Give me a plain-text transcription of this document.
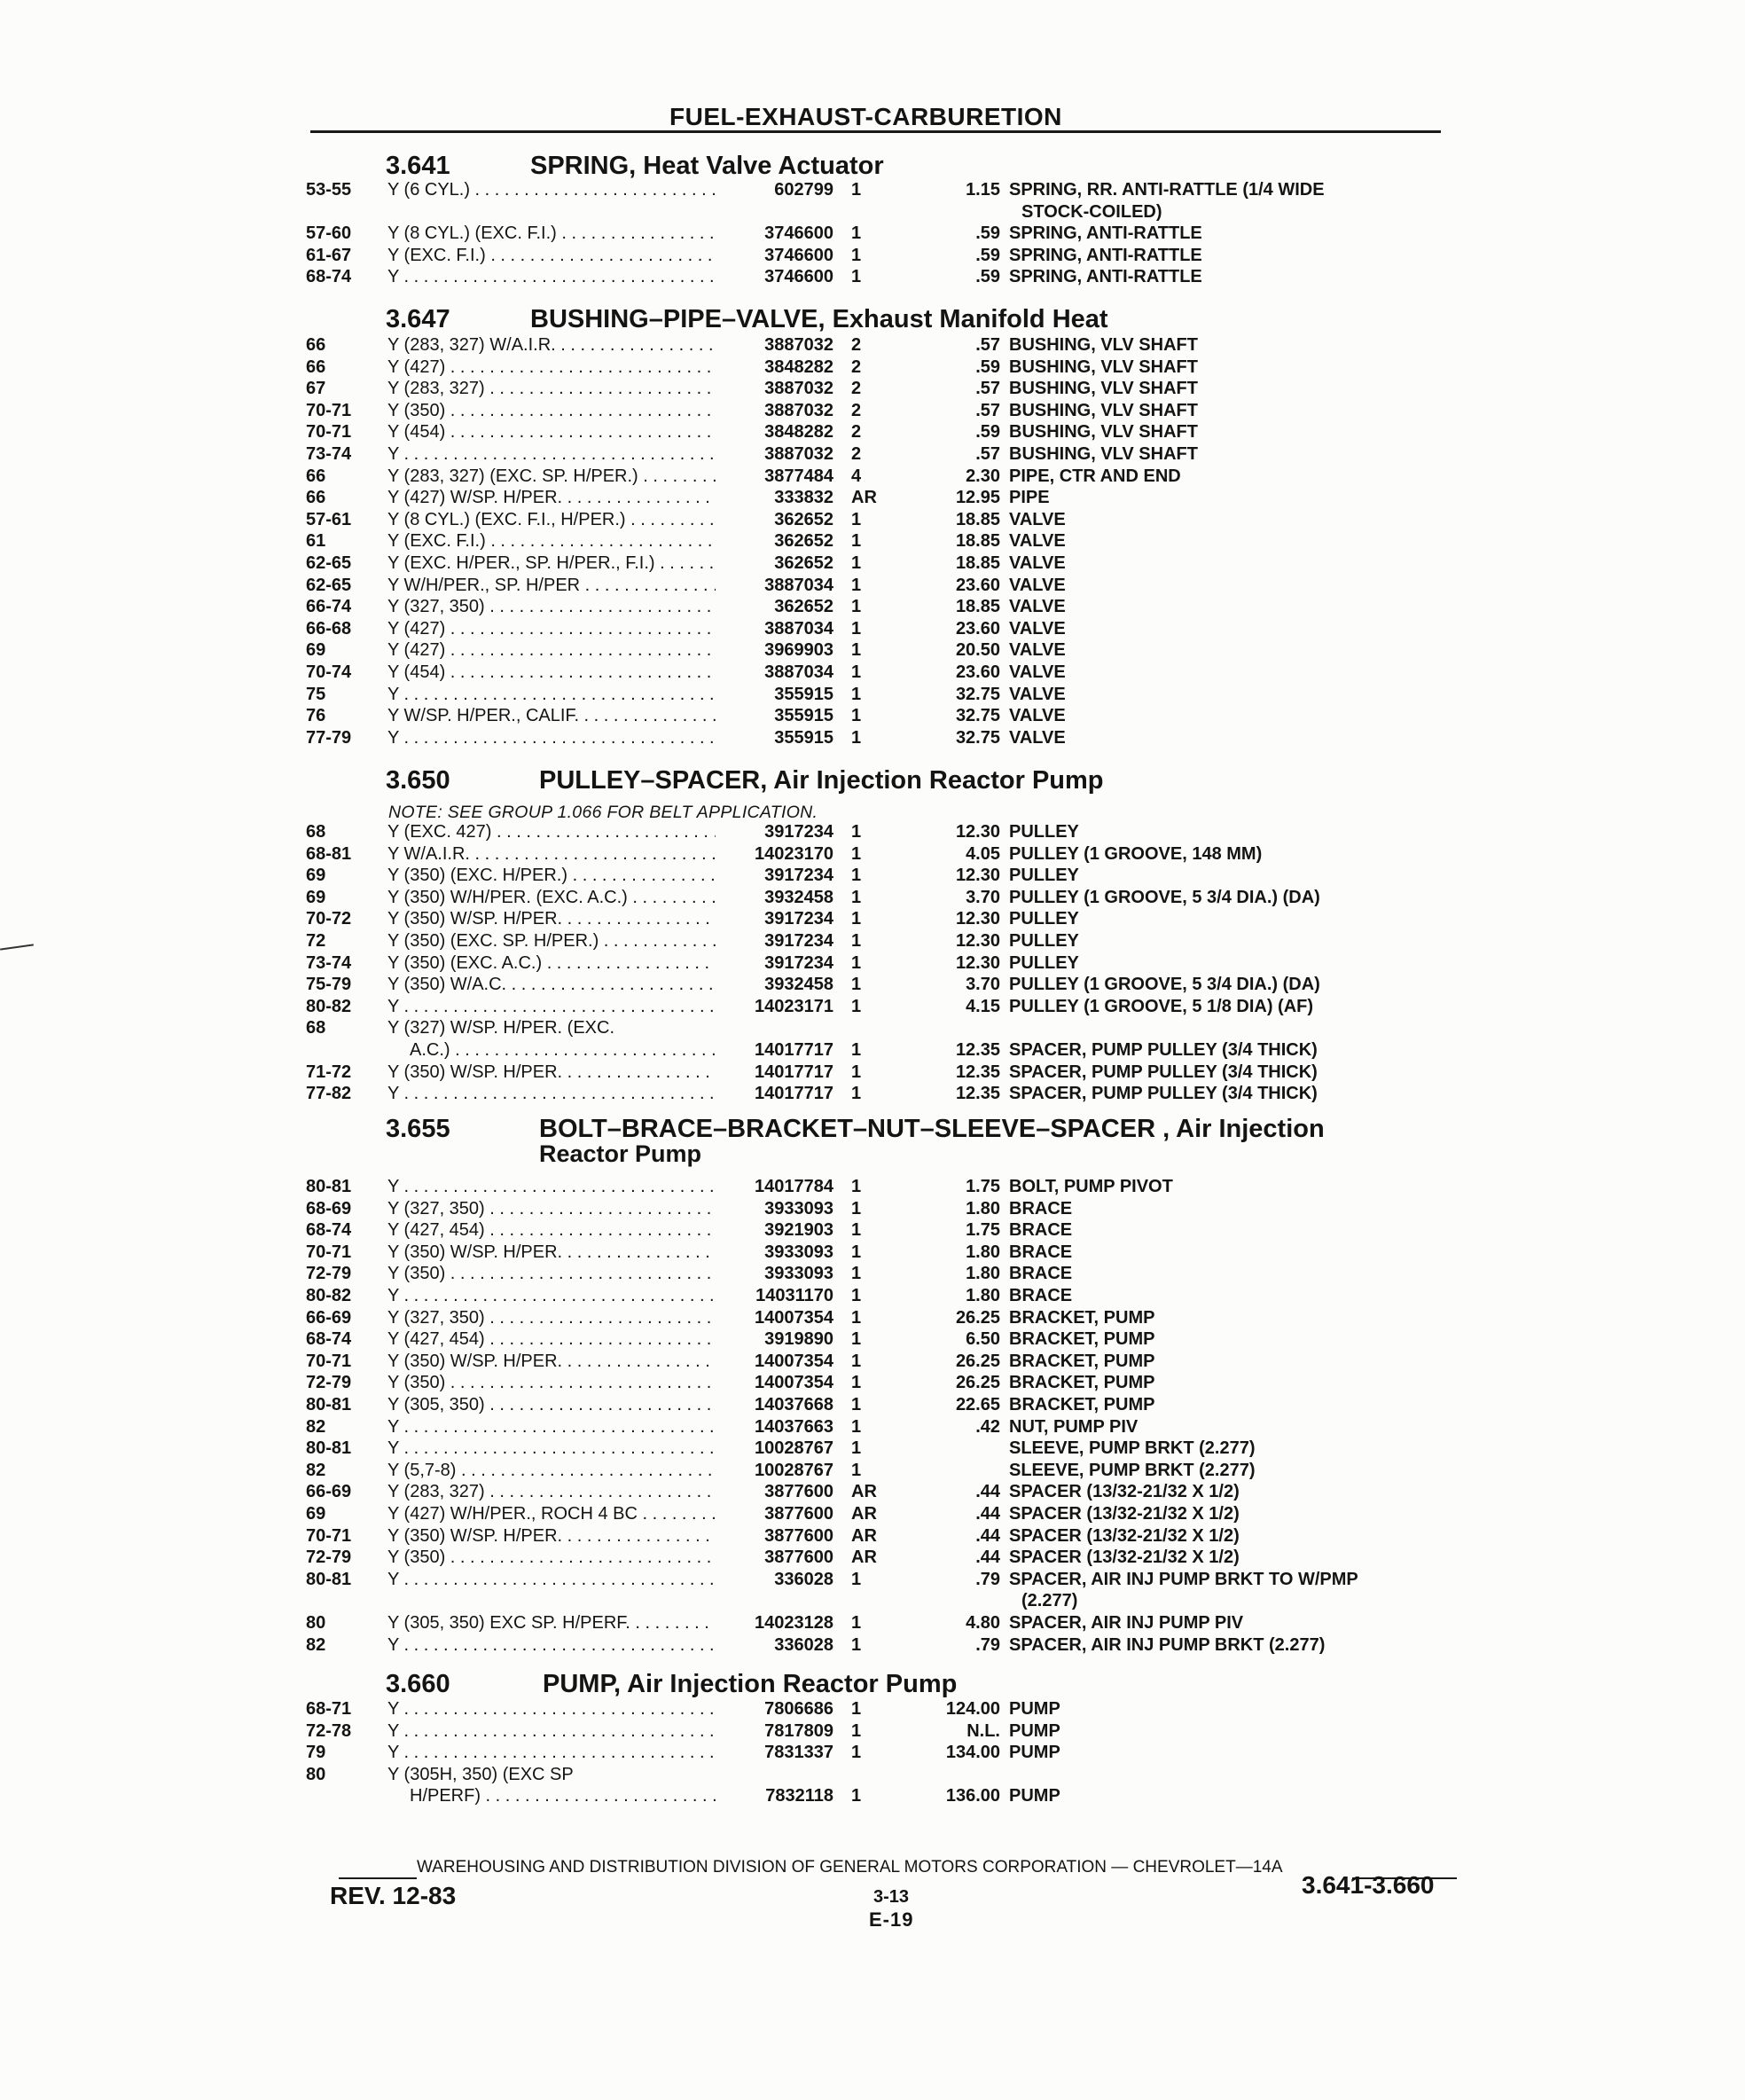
FUEL-EXHAUST-CARBURETION
3.641	SPRING, Heat Valve Actuator
53-55 Y (6 CYL.) . . .	602799 1	1.15 SPRING, RR. ANTI-RATTLE (1/4 WIDE
STOCK-COILED)
57-60 Y (8 CYL.) (EXC. F.I.) . . .	3746600 1	.59 SPRING, ANTI-RATTLE
61-67 Y (EXC. F.I.) . . .	3746600 1	.59 SPRING, ANTI-RATTLE
68-74 Y . . .	3746600 1	.59 SPRING, ANTI-RATTLE
3.647	BUSHING–PIPE–VALVE, Exhaust Manifold Heat
66	Y (283, 327) W/A.I.R. . . .	3887032 2	.57 BUSHING, VLV SHAFT
66	Y (427) . . .	3848282 2	.59 BUSHING, VLV SHAFT
67	Y (283, 327) . . .	3887032 2	.57 BUSHING, VLV SHAFT
70-71 Y (350) . . .	3887032 2	.57 BUSHING, VLV SHAFT
70-71 Y (454) . . .	3848282 2	.59 BUSHING, VLV SHAFT
73-74 Y . . .	3887032 2	.57 BUSHING, VLV SHAFT
66	Y (283, 327) (EXC. SP. H/PER.) . . .	3877484 4	2.30 PIPE, CTR AND END
66	Y (427) W/SP. H/PER. . . .	333832 AR	12.95 PIPE
57-61 Y (8 CYL.) (EXC. F.I., H/PER.) . . .	362652 1	18.85 VALVE
61	Y (EXC. F.I.) . . .	362652 1	18.85 VALVE
62-65 Y (EXC. H/PER., SP. H/PER., F.I.) . . .	362652 1	18.85 VALVE
62-65 Y W/H/PER., SP. H/PER . . .	3887034 1	23.60 VALVE
66-74 Y (327, 350) . . .	362652 1	18.85 VALVE
66-68 Y (427) . . .	3887034 1	23.60 VALVE
69	Y (427) . . .	3969903 1	20.50 VALVE
70-74 Y (454) . . .	3887034 1	23.60 VALVE
75	Y . . .	355915 1	32.75 VALVE
76	Y W/SP. H/PER., CALIF. . . .	355915 1	32.75 VALVE
77-79 Y . . .	355915 1	32.75 VALVE
3.650	PULLEY–SPACER, Air Injection Reactor Pump
NOTE: SEE GROUP 1.066 FOR BELT APPLICATION.
68	Y (EXC. 427) . . .	3917234 1	12.30 PULLEY
68-81 Y W/A.I.R. . . .	14023170 1	4.05 PULLEY (1 GROOVE, 148 MM)
69	Y (350) (EXC. H/PER.) . . .	3917234 1	12.30 PULLEY
69	Y (350) W/H/PER. (EXC. A.C.) . . .	3932458 1	3.70 PULLEY (1 GROOVE, 5 3/4 DIA.) (DA)
70-72 Y (350) W/SP. H/PER. . . .	3917234 1	12.30 PULLEY
72	Y (350) (EXC. SP. H/PER.) . . .	3917234 1	12.30 PULLEY
73-74 Y (350) (EXC. A.C.) . . .	3917234 1	12.30 PULLEY
75-79 Y (350) W/A.C. . . .	3932458 1	3.70 PULLEY (1 GROOVE, 5 3/4 DIA.) (DA)
80-82 Y . . .	14023171 1	4.15 PULLEY (1 GROOVE, 5 1/8 DIA) (AF)
68	Y (327) W/SP. H/PER. (EXC.
A.C.) . . .	14017717 1	12.35 SPACER, PUMP PULLEY (3/4 THICK)
71-72 Y (350) W/SP. H/PER. . . .	14017717 1	12.35 SPACER, PUMP PULLEY (3/4 THICK)
77-82 Y . . .	14017717 1	12.35 SPACER, PUMP PULLEY (3/4 THICK)
3.655	BOLT–BRACE–BRACKET–NUT–SLEEVE–SPACER , Air Injection
Reactor Pump
80-81 Y . . .	14017784 1	1.75 BOLT, PUMP PIVOT
68-69 Y (327, 350) . . .	3933093 1	1.80 BRACE
68-74 Y (427, 454) . . .	3921903 1	1.75 BRACE
70-71 Y (350) W/SP. H/PER. . . .	3933093 1	1.80 BRACE
72-79 Y (350) . . .	3933093 1	1.80 BRACE
80-82 Y . . .	14031170 1	1.80 BRACE
66-69 Y (327, 350) . . .	14007354 1	26.25 BRACKET, PUMP
68-74 Y (427, 454) . . .	3919890 1	6.50 BRACKET, PUMP
70-71 Y (350) W/SP. H/PER. . . .	14007354 1	26.25 BRACKET, PUMP
72-79 Y (350) . . .	14007354 1	26.25 BRACKET, PUMP
80-81 Y (305, 350) . . .	14037668 1	22.65 BRACKET, PUMP
82	Y . . .	14037663 1	.42 NUT, PUMP PIV
80-81 Y . . .	10028767 1	SLEEVE, PUMP BRKT (2.277)
82	Y (5,7-8) . . .	10028767 1	SLEEVE, PUMP BRKT (2.277)
66-69 Y (283, 327) . . .	3877600 AR	.44 SPACER (13/32-21/32 X 1/2)
69	Y (427) W/H/PER., ROCH 4 BC . . .	3877600 AR	.44 SPACER (13/32-21/32 X 1/2)
70-71 Y (350) W/SP. H/PER. . . .	3877600 AR	.44 SPACER (13/32-21/32 X 1/2)
72-79 Y (350) . . .	3877600 AR	.44 SPACER (13/32-21/32 X 1/2)
80-81 Y . . .	336028 1	.79 SPACER, AIR INJ PUMP BRKT TO W/PMP
(2.277)
80	Y (305, 350) EXC SP. H/PERF. . . .	14023128 1	4.80 SPACER, AIR INJ PUMP PIV
82	Y . . .	336028 1	.79 SPACER, AIR INJ PUMP BRKT (2.277)
3.660	PUMP, Air Injection Reactor Pump
68-71 Y . . .	7806686 1	124.00 PUMP
72-78 Y . . .	7817809 1	N.L. PUMP
79	Y . . .	7831337 1	134.00 PUMP
80	Y (305H, 350) (EXC SP
H/PERF) . . .	7832118 1	136.00 PUMP
WAREHOUSING AND DISTRIBUTION DIVISION OF GENERAL MOTORS CORPORATION — CHEVROLET—14A
REV. 12-83	3-13
E-19
3.641-3.660
